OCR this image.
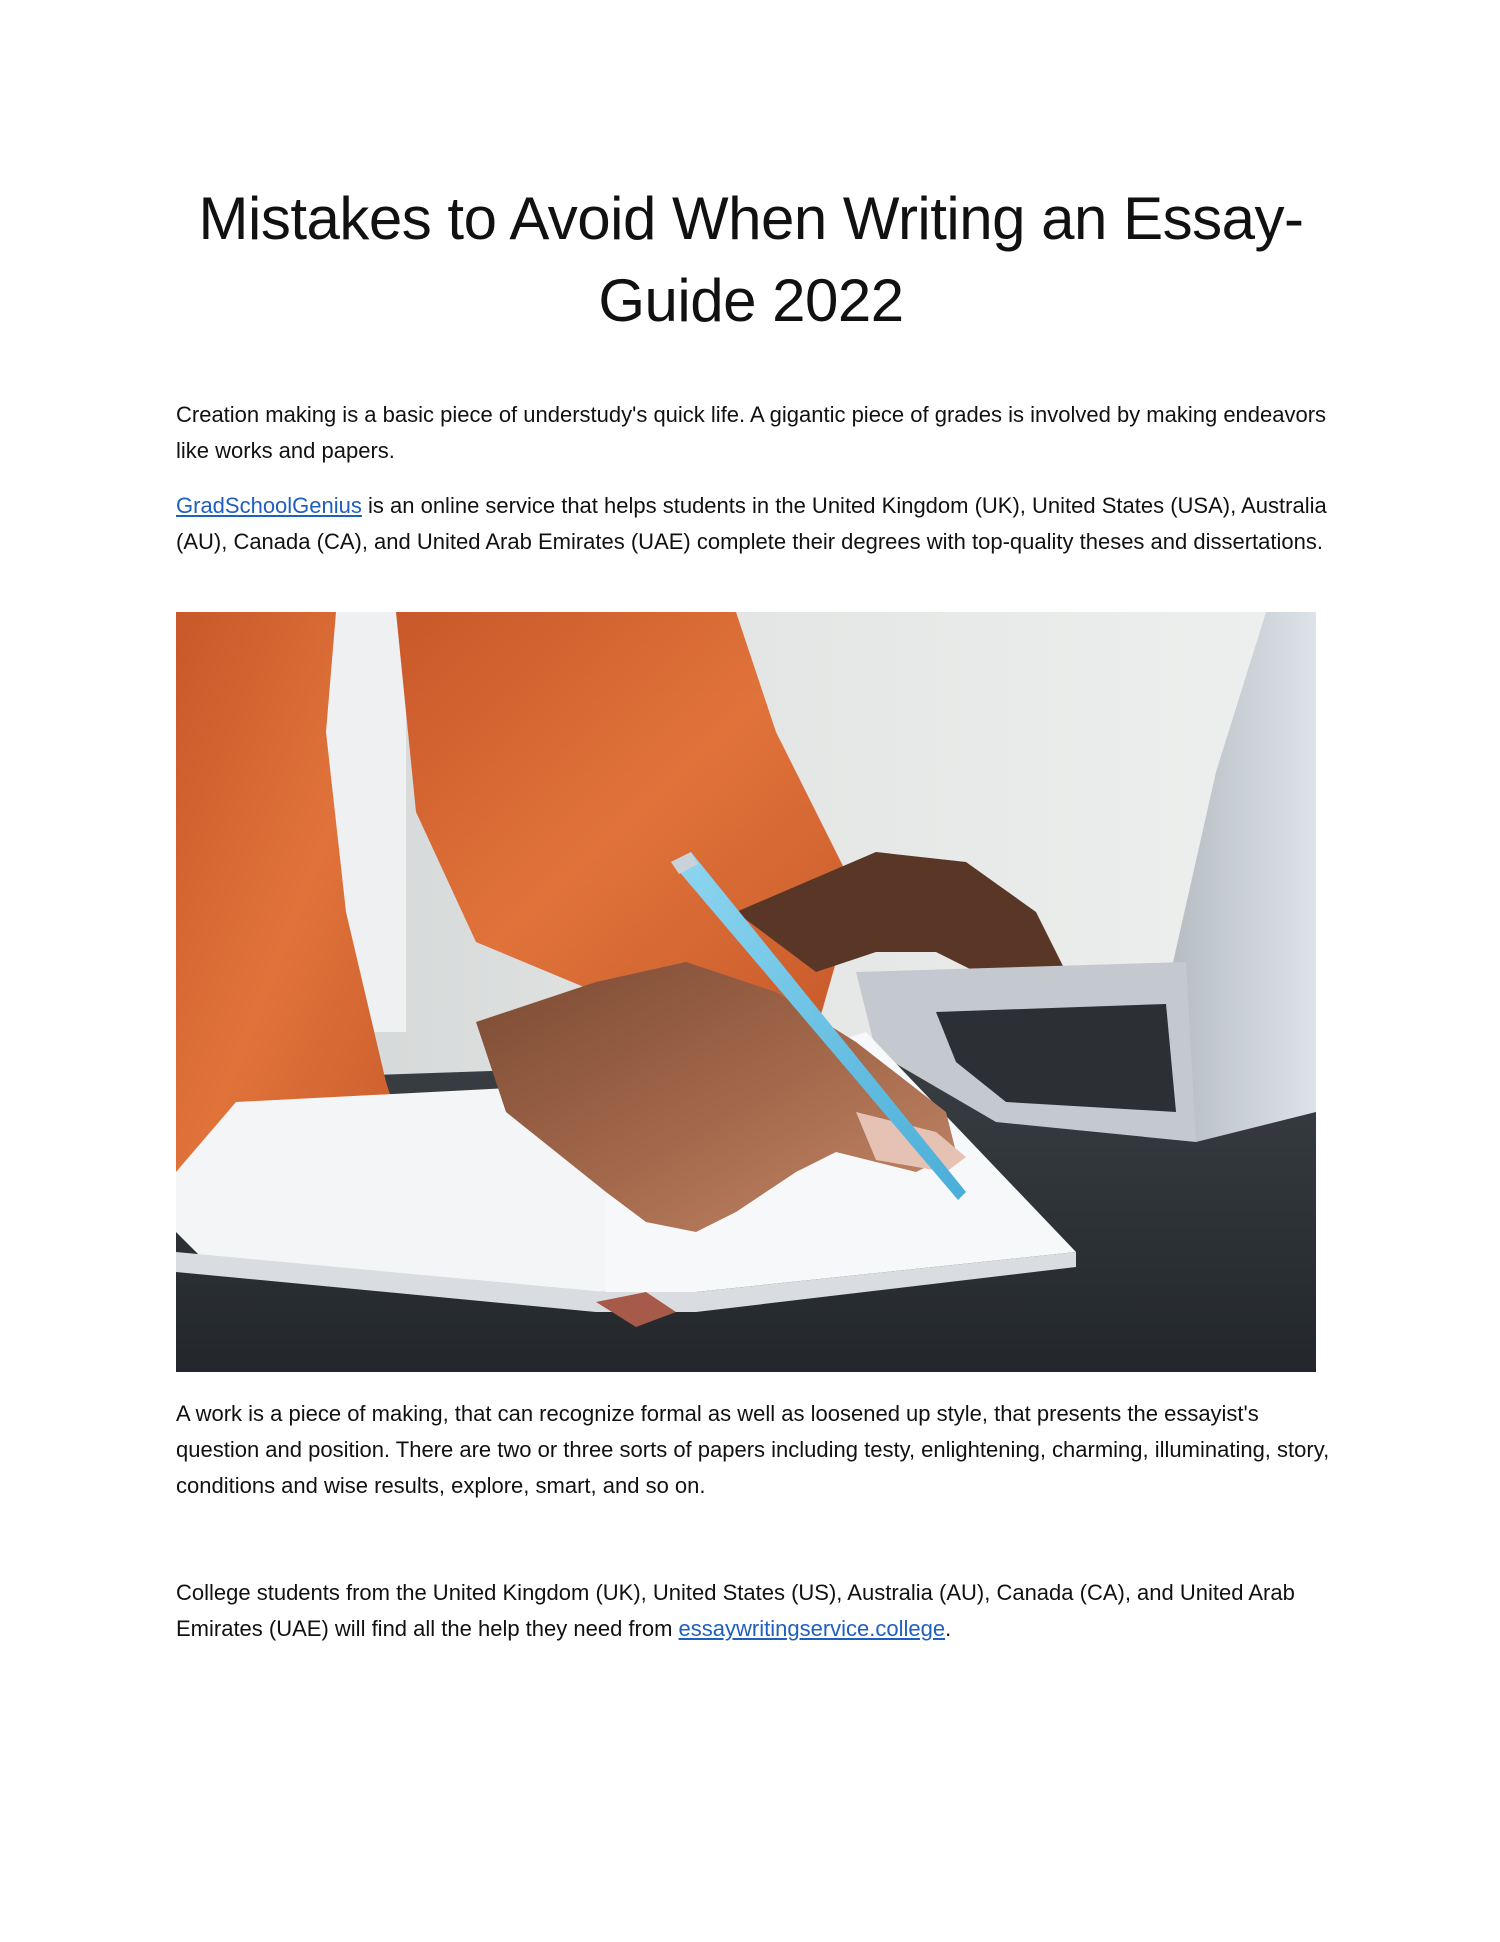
Mistakes to Avoid When Writing an Essay-Guide 2022

Creation making is a basic piece of understudy's quick life. A gigantic piece of grades is involved by making endeavors like works and papers.

GradSchoolGenius is an online service that helps students in the United Kingdom (UK), United States (USA), Australia (AU), Canada (CA), and United Arab Emirates (UAE) complete their degrees with top-quality theses and dissertations.

A work is a piece of making, that can recognize formal as well as loosened up style, that presents the essayist's question and position. There are two or three sorts of papers including testy, enlightening, charming, illuminating, story, conditions and wise results, explore, smart, and so on.

College students from the United Kingdom (UK), United States (US), Australia (AU), Canada (CA), and United Arab Emirates (UAE) will find all the help they need from essaywritingservice.college.
